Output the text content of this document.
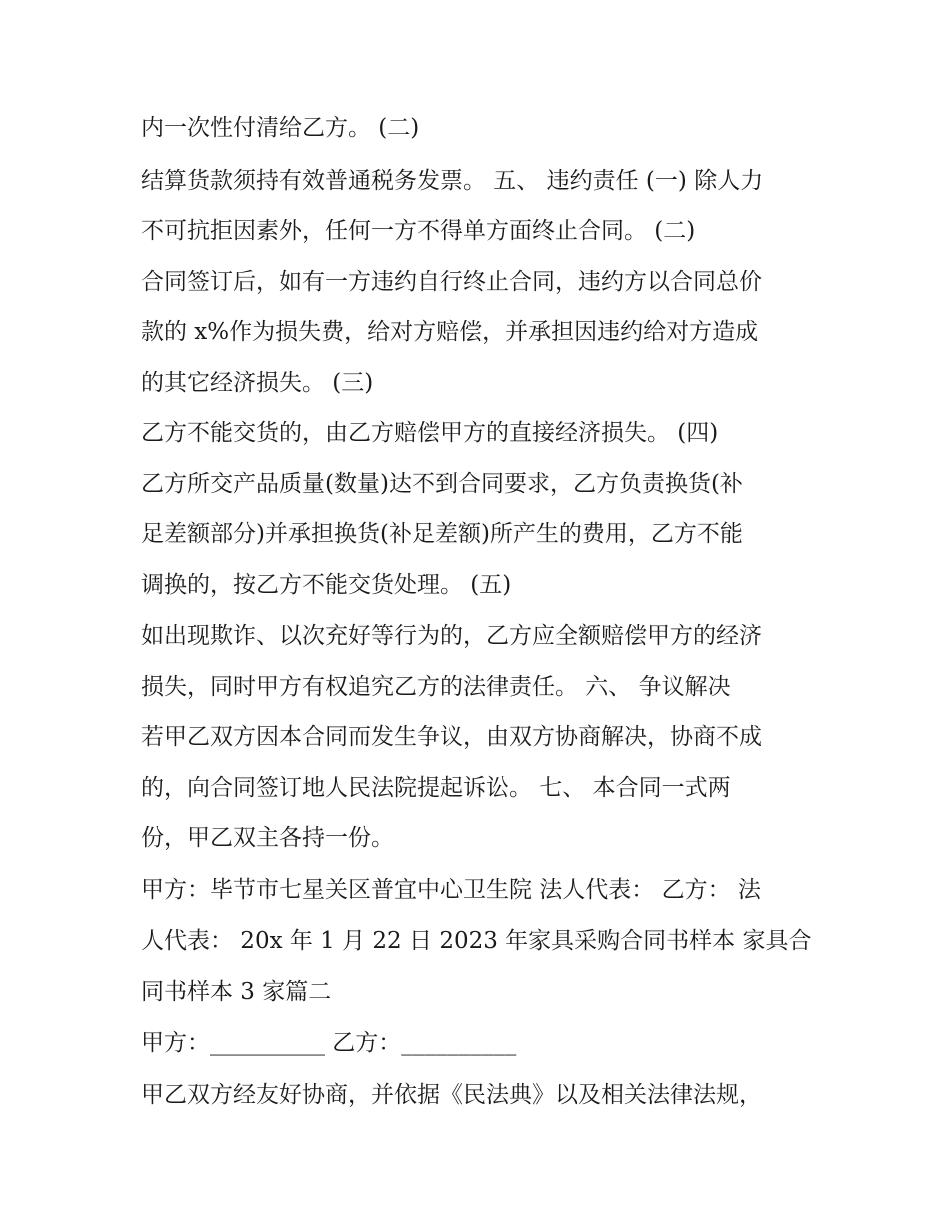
内一次性付清给乙方。 (二)
结算货款须持有效普通税务发票。 五、 违约责任 (一) 除人力
不可抗拒因素外，任何一方不得单方面终止合同。 (二)
合同签订后，如有一方违约自行终止合同，违约方以合同总价
款的 x%作为损失费，给对方赔偿，并承担因违约给对方造成
的其它经济损失。 (三)
乙方不能交货的，由乙方赔偿甲方的直接经济损失。 (四)
乙方所交产品质量(数量)达不到合同要求，乙方负责换货(补
足差额部分)并承担换货(补足差额)所产生的费用，乙方不能
调换的，按乙方不能交货处理。 (五)
如出现欺诈、以次充好等行为的，乙方应全额赔偿甲方的经济
损失，同时甲方有权追究乙方的法律责任。 六、 争议解决
若甲乙双方因本合同而发生争议，由双方协商解决，协商不成
的，向合同签订地人民法院提起诉讼。 七、 本合同一式两
份，甲乙双主各持一份。
甲方：毕节市七星关区普宜中心卫生院 法人代表： 乙方： 法
人代表： 20x 年 1 月 22 日 2023 年家具采购合同书样本 家具合
同书样本 3 家篇二
甲方：__________ 乙方：__________
甲乙双方经友好协商，并依据《民法典》以及相关法律法规，
